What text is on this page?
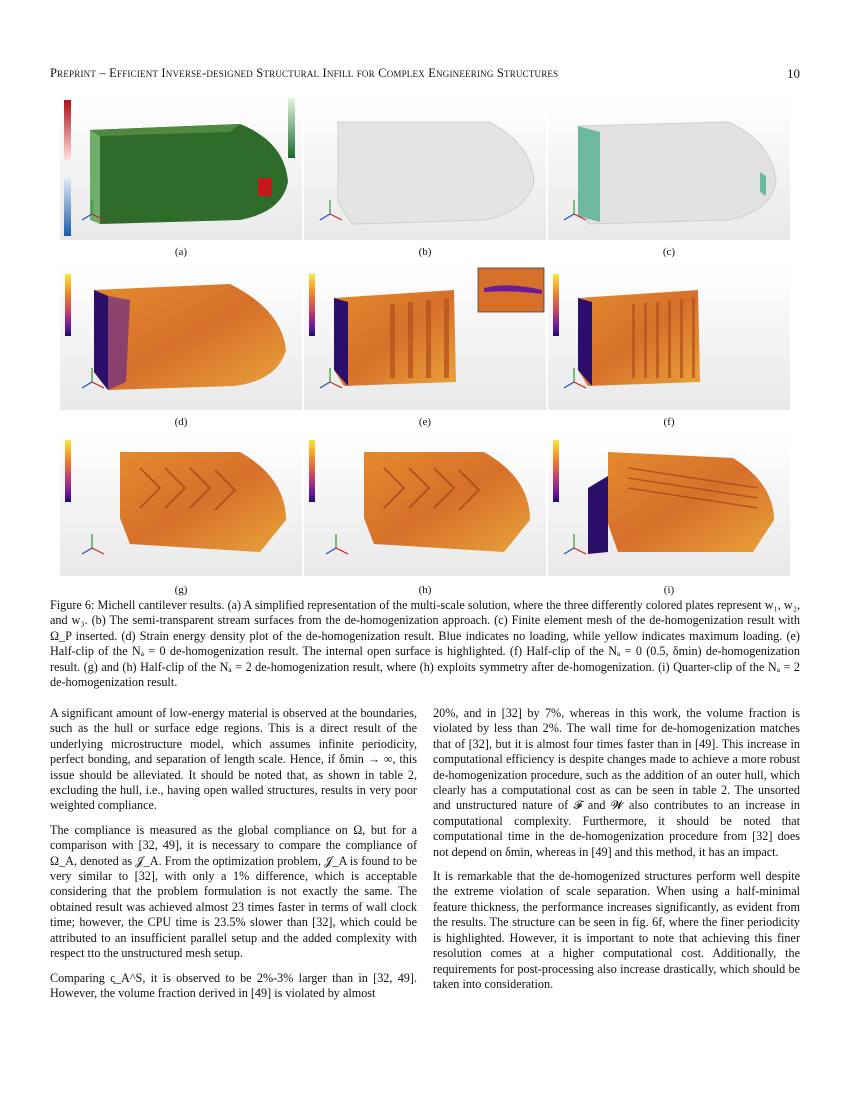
Preprint – Efficient Inverse-designed Structural Infill for Complex Engineering Structures	10
(a)	(b)	(c)
(d)	(e)	(f)
(g)	(h)	(i)
Figure 6: Michell cantilever results. (a) A simplified representation of the multi-scale solution, where the three differently colored plates represent w₁, w₂, and w₃. (b) The semi-transparent stream surfaces from the de-homogenization approach. (c) Finite element mesh of the de-homogenization result with Ω_P inserted. (d) Strain energy density plot of the de-homogenization result. Blue indicates no loading, while yellow indicates maximum loading. (e) Half-clip of the Nₐ = 0 de-homogenization result. The internal open surface is highlighted. (f) Half-clip of the Nₐ = 0 (0.5, δmin) de-homogenization result. (g) and (h) Half-clip of the Nₐ = 2 de-homogenization result, where (h) exploits symmetry after de-homogenization. (i) Quarter-clip of the Nₐ = 2 de-homogenization result.

A significant amount of low-energy material is observed at the boundaries, such as the hull or surface edge regions. This is a direct result of the underlying microstructure model, which assumes infinite periodicity, perfect bonding, and separation of length scale. Hence, if δmin → ∞, this issue should be alleviated. It should be noted that, as shown in table 2, excluding the hull, i.e., having open walled structures, results in very poor weighted compliance.

The compliance is measured as the global compliance on Ω, but for a comparison with [32, 49], it is necessary to compare the compliance of Ω_A, denoted as 𝒥_A. From the optimization problem, 𝒥_A is found to be very similar to [32], with only a 1% difference, which is acceptable considering that the problem formulation is not exactly the same. The obtained result was achieved almost 23 times faster in terms of wall clock time; however, the CPU time is 23.5% slower than [32], which could be attributed to an insufficient parallel setup and the added complexity with respect tto the unstructured mesh setup.

Comparing ς_A^S, it is observed to be 2%-3% larger than in [32, 49]. However, the volume fraction derived in [49] is violated by almost

20%, and in [32] by 7%, whereas in this work, the volume fraction is violated by less than 2%. The wall time for de-homogenization matches that of [32], but it is almost four times faster than in [49]. This increase in computational efficiency is despite changes made to achieve a more robust de-homogenization procedure, such as the addition of an outer hull, which clearly has a computational cost as can be seen in table 2. The unsorted and unstructured nature of 𝓕 and 𝓦 also contributes to an increase in computational complexity. Furthermore, it should be noted that computational time in the de-homogenization procedure from [32] does not depend on δmin, whereas in [49] and this method, it has an impact.

It is remarkable that the de-homogenized structures perform well despite the extreme violation of scale separation. When using a half-minimal feature thickness, the performance increases significantly, as evident from the results. The structure can be seen in fig. 6f, where the finer periodicity is highlighted. However, it is important to note that achieving this finer resolution comes at a higher computational cost. Additionally, the requirements for post-processing also increase drastically, which should be taken into consideration.
